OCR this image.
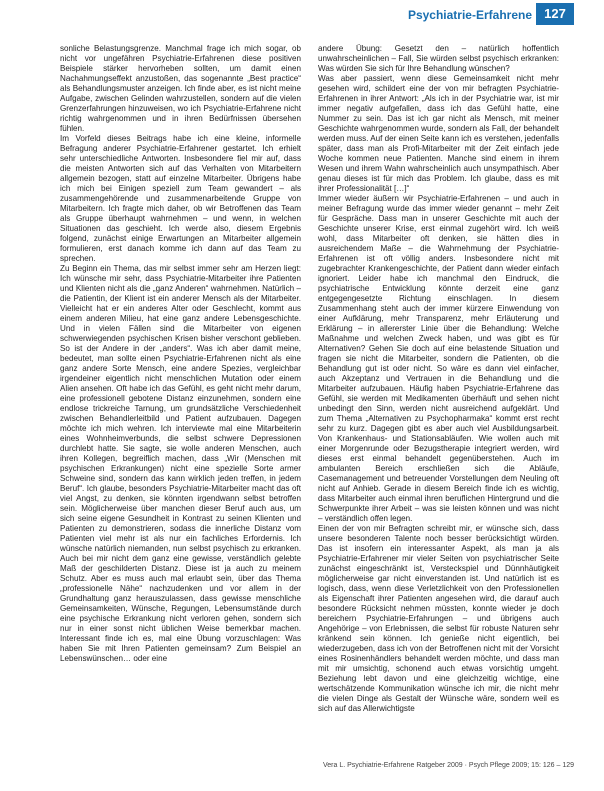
Psychiatrie-Erfahrene 127

sonliche Belastungsgrenze. Manchmal frage ich mich sogar, ob nicht vor ungefähren Psychiatrie-Erfahrenen diese positiven Beispiele stärker hervorheben sollten, um damit einen Nachahmungseffekt anzustoßen, das sogenannte „Best practice“ als Behandlungsmuster anzeigen. Ich finde aber, es ist nicht meine Aufgabe, zwischen Gelinden wahrzustellen, sondern auf die vielen Grenzerfahrungen hinzuweisen, wo ich Psychiatrie-Erfahrene nicht richtig wahrgenommen und in ihren Bedürfnissen übersehen fühlen.

Im Vorfeld dieses Beitrags habe ich eine kleine, informelle Befragung anderer Psychiatrie-Erfahrener gestartet. Ich erhielt sehr unterschiedliche Antworten. Insbesondere fiel mir auf, dass die meisten Antworten sich auf das Verhalten von Mitarbeitern allgemein bezogen, statt auf einzelne Mitarbeiter. Übrigens habe ich mich bei Einigen speziell zum Team gewandert – als zusammengehörende und zusammenarbeitende Gruppe von Mitarbeitern. Ich fragte mich daher, ob wir Betroffenen das Team als Gruppe überhaupt wahrnehmen – und wenn, in welchen Situationen das geschieht. Ich werde also, diesem Ergebnis folgend, zunächst einige Erwartungen an Mitarbeiter allgemein formulieren, erst danach komme ich dann auf das Team zu sprechen.

Zu Beginn ein Thema, das mir selbst immer sehr am Herzen liegt: Ich wünsche mir sehr, dass Psychiatrie-Mitarbeiter ihre Patienten und Klienten nicht als die „ganz Anderen“ wahrnehmen. Natürlich – die Patientin, der Klient ist ein anderer Mensch als der Mitarbeiter. Vielleicht hat er ein anderes Alter oder Geschlecht, kommt aus einem anderen Milieu, hat eine ganz andere Lebensgeschichte. Und in vielen Fällen sind die Mitarbeiter von eigenen schwerwiegenden psychischen Krisen bisher verschont geblieben. So ist der Andere in der „anders“. Was ich aber damit meine, bedeutet, man sollte einen Psychiatrie-Erfahrenen nicht als eine ganz andere Sorte Mensch, eine andere Spezies, vergleichbar irgendeiner eigentlich nicht menschlichen Mutation oder einem Alien ansehen. Oft habe ich das Gefühl, es geht nicht mehr darum, eine professionell gebotene Distanz einzunehmen, sondern eine endlose trickreiche Tarnung, um grundsätzliche Verschiedenheit zwischen Behandlerleitbild und Patient aufzubauen. Dagegen möchte ich mich wehren. Ich interviewte mal eine Mitarbeiterin eines Wohnheimverbunds, die selbst schwere Depressionen durchlebt hatte. Sie sagte, sie wolle anderen Menschen, auch ihren Kollegen, begreiflich machen, dass „Wir (Menschen mit psychischen Erkrankungen) nicht eine spezielle Sorte armer Schweine sind, sondern das kann wirklich jeden treffen, in jedem Beruf“. Ich glaube, besonders Psychiatrie-Mitarbeiter macht das oft viel Angst, zu denken, sie könnten irgendwann selbst betroffen sein. Möglicherweise über manchen dieser Beruf auch aus, um sich seine eigene Gesundheit in Kontrast zu seinen Klienten und Patienten zu demonstrieren, sodass die innerliche Distanz vom Patienten viel mehr ist als nur ein fachliches Erfordernis. Ich wünsche natürlich niemanden, nun selbst psychisch zu erkranken. Auch bei mir nicht dem ganz eine gewisse, verständlich gelebte Maß der geschilderten Distanz. Diese ist ja auch zu meinem Schutz. Aber es muss auch mal erlaubt sein, über das Thema „professionelle Nähe“ nachzudenken und vor allem in der Grundhaltung ganz herauszulassen, dass gewisse menschliche Gemeinsamkeiten, Wünsche, Regungen, Lebensumstände durch eine psychische Erkrankung nicht verloren gehen, sondern sich nur in einer sonst nicht üblichen Weise bemerkbar machen. Interessant finde ich es, mal eine Übung vorzuschlagen: Was haben Sie mit Ihren Patienten gemeinsam? Zum Beispiel an Lebenswünschen… oder eine

andere Übung: Gesetzt den – natürlich hoffentlich unwahrscheinlichen – Fall, Sie würden selbst psychisch erkranken: Was würden Sie sich für Ihre Behandlung wünschen?

Was aber passiert, wenn diese Gemeinsamkeit nicht mehr gesehen wird, schildert eine der von mir befragten Psychiatrie-Erfahrenen in ihrer Antwort: „Als ich in der Psychiatrie war, ist mir immer negativ aufgefallen, dass ich das Gefühl hatte, eine Nummer zu sein. Das ist ich gar nicht als Mensch, mit meiner Geschichte wahrgenommen wurde, sondern als Fall, der behandelt werden muss. Auf der einen Seite kann ich es verstehen, jedenfalls später, dass man als Profi-Mitarbeiter mit der Zeit einfach jede Woche kommen neue Patienten. Manche sind einem in ihrem Wesen und ihrem Wahn wahrscheinlich auch unsympathisch. Aber genau dieses ist für mich das Problem. Ich glaube, dass es mit ihrer Professionalität […]“

Immer wieder äußern wir Psychiatrie-Erfahrenen – und auch in meiner Befragung wurde das immer wieder genannt – mehr Zeit für Gespräche. Dass man in unserer Geschichte mit auch der Geschichte unserer Krise, erst einmal zugehört wird. Ich weiß wohl, dass Mitarbeiter oft denken, sie hätten dies in ausreichendem Maße – die Wahrnehmung der Psychiatrie-Erfahrenen ist oft völlig anders. Insbesondere nicht mit zugebrachter Krankengeschichte, der Patient dann wieder einfach ignoriert. Leider habe ich manchmal den Eindruck, die psychiatrische Entwicklung könnte derzeit eine ganz entgegengesetzte Richtung einschlagen. In diesem Zusammenhang steht auch der immer kürzere Einwendung von einer Aufklärung, mehr Transparenz, mehr Erläuterung und Erklärung – in allererster Linie über die Behandlung: Welche Maßnahme und welchen Zweck haben, und was gibt es für Alternativen? Gehen Sie doch auf eine belastende Situation und fragen sie nicht die Mitarbeiter, sondern die Patienten, ob die Behandlung gut ist oder nicht. So wäre es dann viel einfacher, auch Akzeptanz und Vertrauen in die Behandlung und die Mitarbeiter aufzubauen. Häufig haben Psychiatrie-Erfahrene das Gefühl, sie werden mit Medikamenten überhäuft und sehen nicht unbedingt den Sinn, werden nicht ausreichend aufgeklärt. Und zum Thema „Alternativen zu Psychopharmaka“ kommt erst recht sehr zu kurz. Dagegen gibt es aber auch viel Ausbildungsarbeit. Von Krankenhaus- und Stationsabläufen. Wie wollen auch mit einer Morgenrunde oder Bezugstherapie integriert werden, wird dieses erst einmal behandelt gegenüberstehen. Auch im ambulanten Bereich erschließen sich die Abläufe, Casemanagement und betreuender Vorstellungen dem Neuling oft nicht auf Anhieb. Gerade in diesem Bereich finde ich es wichtig, dass Mitarbeiter auch einmal ihren beruflichen Hintergrund und die Schwerpunkte ihrer Arbeit – was sie leisten können und was nicht – verständlich offen legen.

Einen der von mir Befragten schreibt mir, er wünsche sich, dass unsere besonderen Talente noch besser berücksichtigt würden. Das ist insofern ein interessanter Aspekt, als man ja als Psychiatrie-Erfahrener mir vieler Seiten von psychiatrischer Seite zunächst eingeschränkt ist, Versteckspiel und Dünnhäutigkeit möglicherweise gar nicht einverstanden ist. Und natürlich ist es logisch, dass, wenn diese Verletzlichkeit von den Professionellen als Eigenschaft ihrer Patienten angesehen wird, die darauf auch besondere Rücksicht nehmen müssten, konnte wieder je doch bereichern Psychiatrie-Erfahrungen – und übrigens auch Angehörige – von Erlebnissen, die selbst für robuste Naturen sehr kränkend sein können. Ich genieße nicht eigentlich, bei wiederzugeben, dass ich von der Betroffenen nicht mit der Vorsicht eines Rosinenhändlers behandelt werden möchte, und dass man mit mir umsichtig, schonend auch etwas vorsichtig umgeht. Beziehung lebt davon und eine gleichzeitig wichtige, eine wertschätzende Kommunikation wünsche ich mir, die nicht mehr die vielen Dinge als Gestalt der Wünsche wäre, sondern weil es sich auf das Allerwichtigste

Vera L. Psychiatrie-Erfahrene Ratgeber 2009 · Psych Pflege 2009; 15: 126 – 129
